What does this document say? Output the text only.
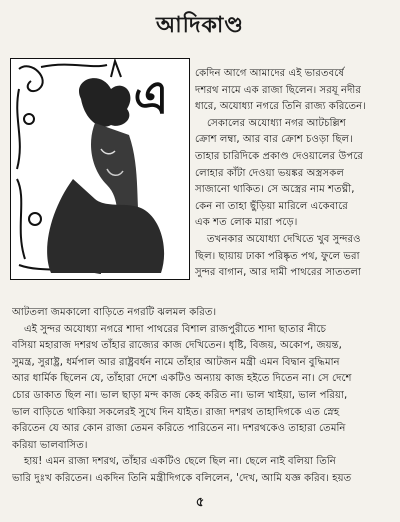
আদিকাণ্ড
এ	কেদিন আগে আমাদের এই ভারতবর্ষে
দশরথ নামে এক রাজা ছিলেন। সরযূ নদীর
ধারে, অযোধ্যা নগরে তিনি রাজ্য করিতেন।
সেকালের অযোধ্যা নগর আটচল্লিশ
ক্রোশ লম্বা, আর বার ক্রোশ চওড়া ছিল।
তাহার চারিদিকে প্রকাণ্ড দেওয়ালের উপরে
লোহার কাঁটা দেওয়া ভয়ঙ্কর অস্ত্রসকল
সাজানো থাকিত। সে অস্ত্রের নাম শতঘ্নী,
কেন না তাহা ছুঁড়িয়া মারিলে একেবারে
এক শত লোক মারা পড়ে।
তখনকার অযোধ্যা দেখিতে খুব সুন্দরও
ছিল। ছায়ায় ঢাকা পরিষ্কৃত পথ, ফুলে ভরা
সুন্দর বাগান, আর দামী পাথরের সাততলা
আটতলা জমকালো বাড়িতে নগরটি ঝলমল করিত।
এই সুন্দর অযোধ্যা নগরে শাদা পাথরের বিশাল রাজপুরীতে শাদা ছাতার নীচে
বসিয়া মহারাজ দশরথ তাঁহার রাজ্যের কাজ দেখিতেন। ধৃষ্টি, বিজয়, অকোপ, জয়ন্ত,
সুমন্ত্র, সুরাষ্ট্র, ধর্মপাল আর রাষ্ট্রবর্ধন নামে তাঁহার আটজন মন্ত্রী এমন বিদ্বান বুদ্ধিমান
আর ধার্মিক ছিলেন যে, তাঁহারা দেশে একটিও অন্যায় কাজ হইতে দিতেন না। সে দেশে
চোর ডাকাত ছিল না। ভাল ছাড়া মন্দ কাজ কেহ করিত না। ভাল খাইয়া, ভাল পরিয়া,
ভাল বাড়িতে থাকিয়া সকলেরই সুখে দিন যাইত। রাজা দশরথ তাহাদিগকে এত স্নেহ
করিতেন যে আর কোন রাজা তেমন করিতে পারিতেন না। দশরথকেও তাহারা তেমনি
করিয়া ভালবাসিত।
হায়! এমন রাজা দশরথ, তাঁহার একটিও ছেলে ছিল না। ছেলে নাই বলিয়া তিনি
ভারি দুঃখ করিতেন। একদিন তিনি মন্ত্রীদিগকে বলিলেন, 'দেখ, আমি যজ্ঞ করিব। হয়ত
৫
